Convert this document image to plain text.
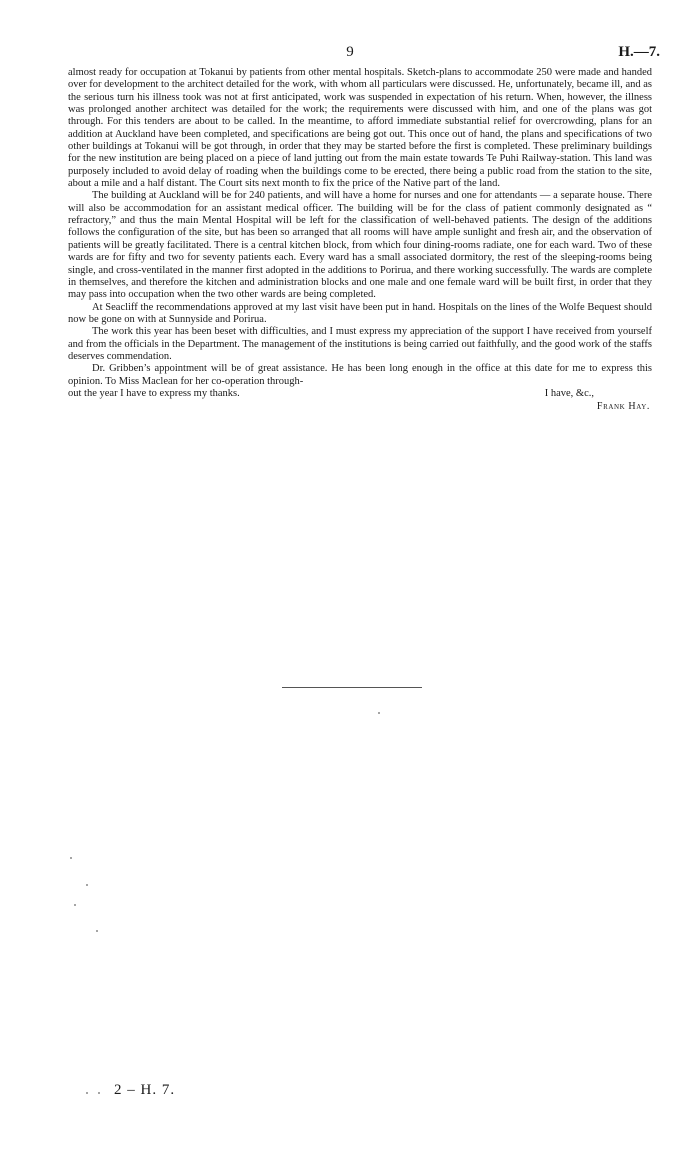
9	H.—7.

almost ready for occupation at Tokanui by patients from other mental hospitals. Sketch-plans to accommodate 250 were made and handed over for development to the architect detailed for the work, with whom all particulars were discussed. He, unfortunately, became ill, and as the serious turn his illness took was not at first anticipated, work was suspended in expectation of his return. When, however, the illness was prolonged another architect was detailed for the work; the requirements were discussed with him, and one of the plans was got through. For this tenders are about to be called. In the meantime, to afford immediate substantial relief for overcrowding, plans for an addition at Auckland have been completed, and specifications are being got out. This once out of hand, the plans and specifications of two other buildings at Tokanui will be got through, in order that they may be started before the first is completed. These preliminary buildings for the new institution are being placed on a piece of land jutting out from the main estate towards Te Puhi Railway-station. This land was purposely included to avoid delay of roading when the buildings come to be erected, there being a public road from the station to the site, about a mile and a half distant. The Court sits next month to fix the price of the Native part of the land.

The building at Auckland will be for 240 patients, and will have a home for nurses and one for attendants — a separate house. There will also be accommodation for an assistant medical officer. The building will be for the class of patient commonly designated as “ refractory,” and thus the main Mental Hospital will be left for the classification of well-behaved patients. The design of the additions follows the configuration of the site, but has been so arranged that all rooms will have ample sunlight and fresh air, and the observation of patients will be greatly facilitated. There is a central kitchen block, from which four dining-rooms radiate, one for each ward. Two of these wards are for fifty and two for seventy patients each. Every ward has a small associated dormitory, the rest of the sleeping-rooms being single, and cross-ventilated in the manner first adopted in the additions to Porirua, and there working successfully. The wards are complete in themselves, and therefore the kitchen and administration blocks and one male and one female ward will be built first, in order that they may pass into occupation when the two other wards are being completed.

At Seacliff the recommendations approved at my last visit have been put in hand. Hospitals on the lines of the Wolfe Bequest should now be gone on with at Sunnyside and Porirua.

The work this year has been beset with difficulties, and I must express my appreciation of the support I have received from yourself and from the officials in the Department. The management of the institutions is being carried out faithfully, and the good work of the staffs deserves commendation.

Dr. Gribben’s appointment will be of great assistance. He has been long enough in the office at this date for me to express this opinion. To Miss Maclean for her co-operation through-

out the year I have to express my thanks.	I have, &c.,
Frank Hay.
2 – H. 7.
